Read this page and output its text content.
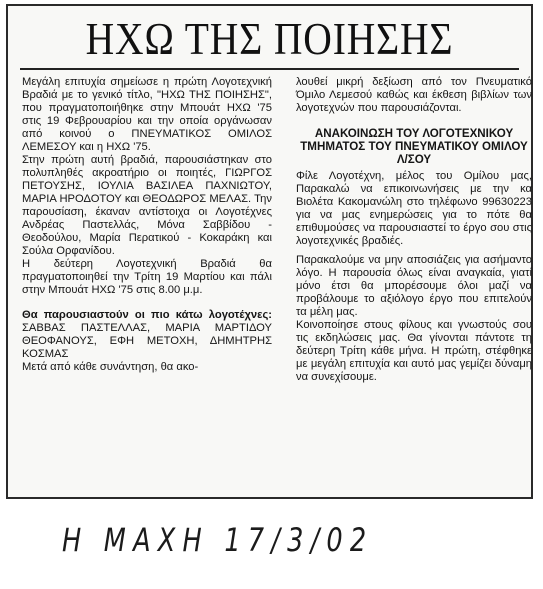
ΗΧΩ ΤΗΣ ΠΟΙΗΣΗΣ

Μεγάλη επιτυχία σημείωσε η πρώτη Λογοτεχνική Βραδιά με το γενικό τίτλο, "ΗΧΩ ΤΗΣ ΠΟΙΗΣΗΣ", που πραγματοποιήθηκε στην Μπουάτ ΗΧΩ '75 στις 19 Φεβρουαρίου και την οποία οργάνωσαν από κοινού ο ΠΝΕΥΜΑΤΙΚΟΣ ΟΜΙΛΟΣ ΛΕΜΕΣΟΥ και η ΗΧΩ '75.

Στην πρώτη αυτή βραδιά, παρουσιάστηκαν στο πολυπληθές ακροατήριο οι ποιητές, ΓΙΩΡΓΟΣ ΠΕΤΟΥΣΗΣ, ΙΟΥΛΙΑ ΒΑΣΙΛΕΑ ΠΑΧΝΙΩΤΟΥ, ΜΑΡΙΑ ΗΡΟΔΟΤΟΥ και ΘΕΟΔΩΡΟΣ ΜΕΛΑΣ. Την παρουσίαση, έκαναν αντίστοιχα οι Λογοτέχνες Ανδρέας Παστελλάς, Μόνα Σαββίδου - Θεοδούλου, Μαρία Περατικού - Κοκαράκη και Σούλα Ορφανίδου.

Η δεύτερη Λογοτεχνική Βραδιά θα πραγματοποιηθεί την Τρίτη 19 Μαρτίου και πάλι στην Μπουάτ ΗΧΩ '75 στις 8.00 μ.μ.

Θα παρουσιαστούν οι πιο κάτω λογοτέχνες: ΣΑΒΒΑΣ ΠΑΣΤΕΛΛΑΣ, ΜΑΡΙΑ ΜΑΡΤΙΔΟΥ ΘΕΟΦΑΝΟΥΣ, ΕΦΗ ΜΕΤΟΧΗ, ΔΗΜΗΤΡΗΣ ΚΟΣΜΑΣ

Μετά από κάθε συνάντηση, θα ακο-

λουθεί μικρή δεξίωση από τον Πνευματικό Όμιλο Λεμεσού καθώς και έκθεση βιβλίων των λογοτεχνών που παρουσιάζονται.

ΑΝΑΚΟΙΝΩΣΗ ΤΟΥ ΛΟΓΟΤΕΧΝΙΚΟΥ ΤΜΗΜΑΤΟΣ ΤΟΥ ΠΝΕΥΜΑΤΙΚΟΥ ΟΜΙΛΟΥ Λ/ΣΟΥ

Φίλε Λογοτέχνη, μέλος του Ομίλου μας, Παρακαλώ να επικοινωνήσεις με την κα Βιολέτα Κακομανώλη στο τηλέφωνο 99630223 για να μας ενημερώσεις για το πότε θα επιθυμούσες να παρουσιαστεί το έργο σου στις λογοτεχνικές βραδιές.

Παρακαλούμε να μην αποσιάζεις για ασήμαντο λόγο. Η παρουσία όλως είναι αναγκαία, γιατί μόνο έτσι θα μπορέσουμε όλοι μαζί να προβάλουμε το αξιόλογο έργο που επιτελούν τα μέλη μας.

Κοινοποίησε στους φίλους και γνωστούς σου τις εκδηλώσεις μας. Θα γίνονται πάντοτε τη δεύτερη Τρίτη κάθε μήνα. Η πρώτη, στέφθηκε με μεγάλη επιτυχία και αυτό μας γεμίζει δύναμη να συνεχίσουμε.

Η ΜΑΧΗ 17/3/02
